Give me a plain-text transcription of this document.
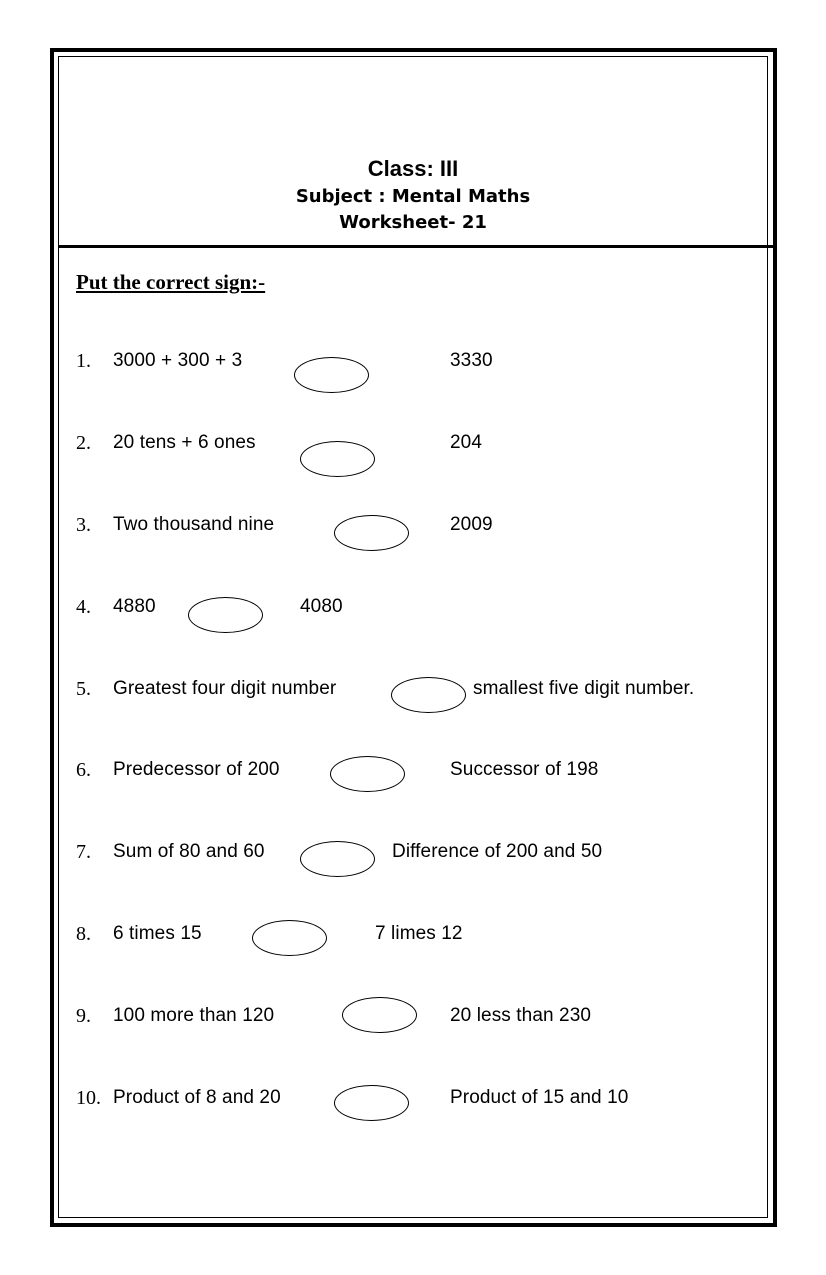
Class: III
Subject : Mental Maths
Worksheet- 21
Put the correct sign:-
1. 3000 + 300 + 3	3330
2. 20 tens + 6 ones	204
3. Two thousand nine	2009
4. 4880	4080
5. Greatest four digit number	smallest five digit number.
6. Predecessor of 200	Successor of 198
7. Sum of 80 and 60	Difference of 200 and 50
8. 6 times 15	7 limes 12
9. 100 more than 120	20 less than 230
10. Product of 8 and 20	Product of 15 and 10
